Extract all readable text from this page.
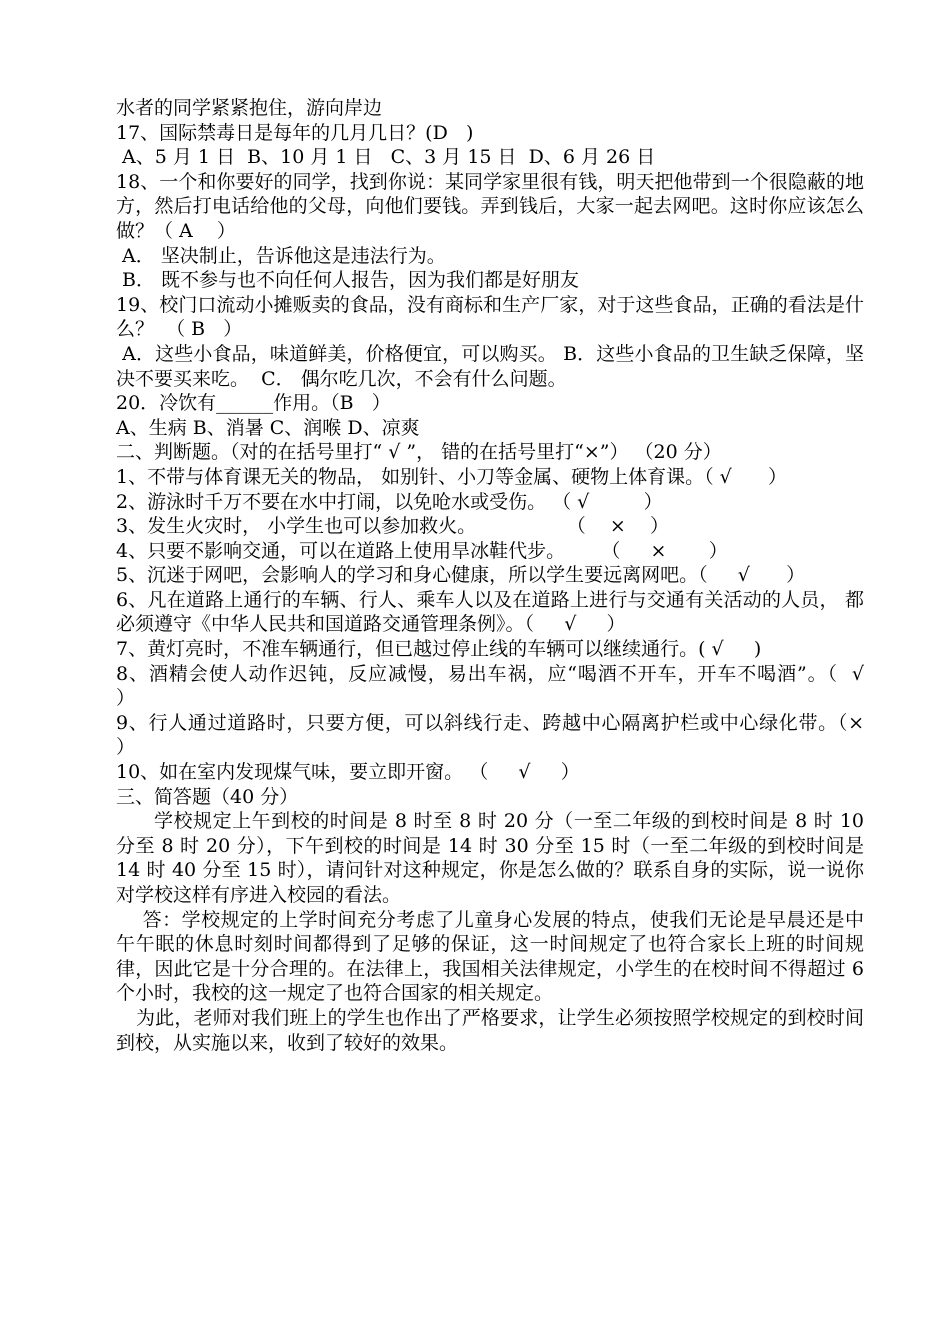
水者的同学紧紧抱住，游向岸边

17、国际禁毒日是每年的几月几日？(D   )

A、5 月 1 日  B、10 月 1 日   C、3 月 15 日  D、6 月 26 日

18、一个和你要好的同学，找到你说：某同学家里很有钱，明天把他带到一个很隐蔽的地方，然后打电话给他的父母，向他们要钱。弄到钱后，大家一起去网吧。这时你应该怎么做？（ A    ）

A． 坚决制止，告诉他这是违法行为。

B． 既不参与也不向任何人报告，因为我们都是好朋友

19、校门口流动小摊贩卖的食品，没有商标和生产厂家，对于这些食品，正确的看法是什么？  （ B   ）

A．这些小食品，味道鲜美，价格便宜，可以购买。 B．这些小食品的卫生缺乏保障，坚决不要买来吃。  C． 偶尔吃几次，不会有什么问题。

20．冷饮有______作用。（B   ）

A、生病 B、消暑 C、润喉 D、凉爽

二、判断题。（对的在括号里打“ √ ”， 错的在括号里打“×”） （20 分）

1、不带与体育课无关的物品， 如别针、小刀等金属、硬物上体育课。（ √      ）

2、游泳时千万不要在水中打闹，以免呛水或受伤。 （ √         ）

3、发生火灾时， 小学生也可以参加救火。               （    ×    ）

4、只要不影响交通，可以在道路上使用旱冰鞋代步。      （     ×       ）

5、沉迷于网吧，会影响人的学习和身心健康，所以学生要远离网吧。（     √      ）

6、凡在道路上通行的车辆、行人、乘车人以及在道路上进行与交通有关活动的人员， 都必须遵守《中华人民共和国道路交通管理条例》。（     √     ）

7、黄灯亮时，不准车辆通行，但已越过停止线的车辆可以继续通行。( √     )

8、酒精会使人动作迟钝，反应减慢，易出车祸，应“喝酒不开车，开车不喝酒”。（  √     ）

9、行人通过道路时，只要方便，可以斜线行走、跨越中心隔离护栏或中心绿化带。（×     ）

10、如在室内发现煤气味，要立即开窗。 （     √     ）

三、简答题（40 分）

学校规定上午到校的时间是 8 时至 8 时 20 分（一至二年级的到校时间是 8 时 10 分至 8 时 20 分），下午到校的时间是 14 时 30 分至 15 时（一至二年级的到校时间是 14 时 40 分至 15 时），请问针对这种规定，你是怎么做的？联系自身的实际，说一说你对学校这样有序进入校园的看法。

答：学校规定的上学时间充分考虑了儿童身心发展的特点，使我们无论是早晨还是中午午眠的休息时刻时间都得到了足够的保证，这一时间规定了也符合家长上班的时间规律，因此它是十分合理的。在法律上，我国相关法律规定，小学生的在校时间不得超过 6 个小时，我校的这一规定了也符合国家的相关规定。

为此，老师对我们班上的学生也作出了严格要求，让学生必须按照学校规定的到校时间到校，从实施以来，收到了较好的效果。
